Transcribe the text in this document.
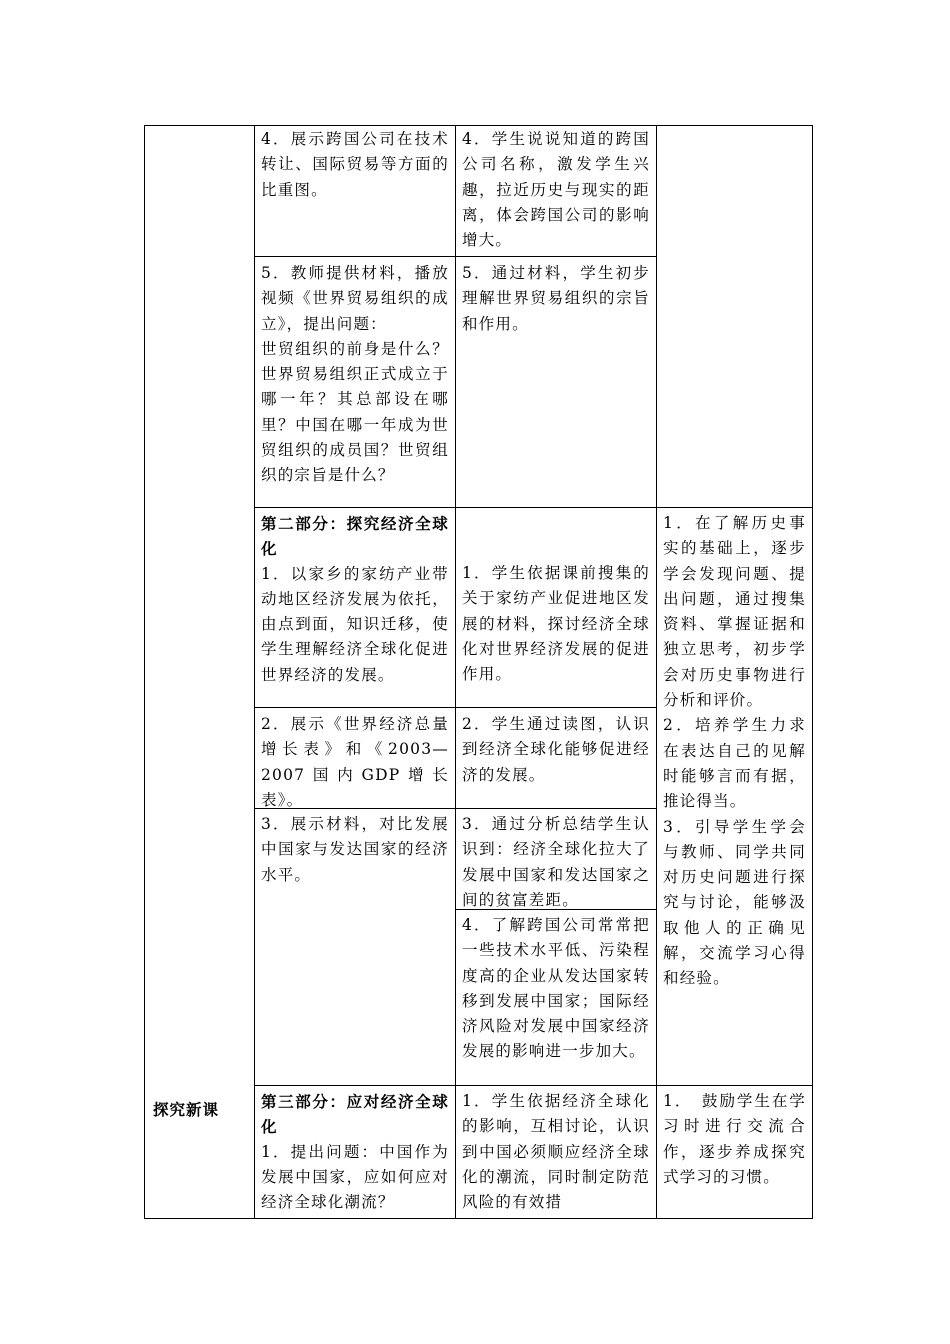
探究新课
4．展示跨国公司在技术转让、国际贸易等方面的比重图。
5．教师提供材料，播放视频《世界贸易组织的成立》，提出问题：
世贸组织的前身是什么？世界贸易组织正式成立于哪一年？其总部设在哪里？中国在哪一年成为世贸组织的成员国？世贸组织的宗旨是什么？
第二部分：探究经济全球化
1．以家乡的家纺产业带动地区经济发展为依托，由点到面，知识迁移，使学生理解经济全球化促进世界经济的发展。
2．展示《世界经济总量增长表》和《2003—2007国内GDP增长表》。
3．展示材料，对比发展中国家与发达国家的经济水平。
第三部分：应对经济全球化
1．提出问题：中国作为发展中国家，应如何应对经济全球化潮流？
4．学生说说知道的跨国公司名称，激发学生兴趣，拉近历史与现实的距离，体会跨国公司的影响增大。
5．通过材料，学生初步理解世界贸易组织的宗旨和作用。
1．学生依据课前搜集的关于家纺产业促进地区发展的材料，探讨经济全球化对世界经济发展的促进作用。
2．学生通过读图，认识到经济全球化能够促进经济的发展。
3．通过分析总结学生认识到：经济全球化拉大了发展中国家和发达国家之间的贫富差距。
4．了解跨国公司常常把一些技术水平低、污染程度高的企业从发达国家转移到发展中国家；国际经济风险对发展中国家经济发展的影响进一步加大。
1．学生依据经济全球化的影响，互相讨论，认识到中国必须顺应经济全球化的潮流，同时制定防范风险的有效措
1．在了解历史事实的基础上，逐步学会发现问题、提出问题，通过搜集资料、掌握证据和独立思考，初步学会对历史事物进行分析和评价。
2．培养学生力求在表达自己的见解时能够言而有据，推论得当。
3．引导学生学会与教师、同学共同对历史问题进行探究与讨论，能够汲取他人的正确见解，交流学习心得和经验。
1．　鼓励学生在学习时进行交流合作，逐步养成探究式学习的习惯。
